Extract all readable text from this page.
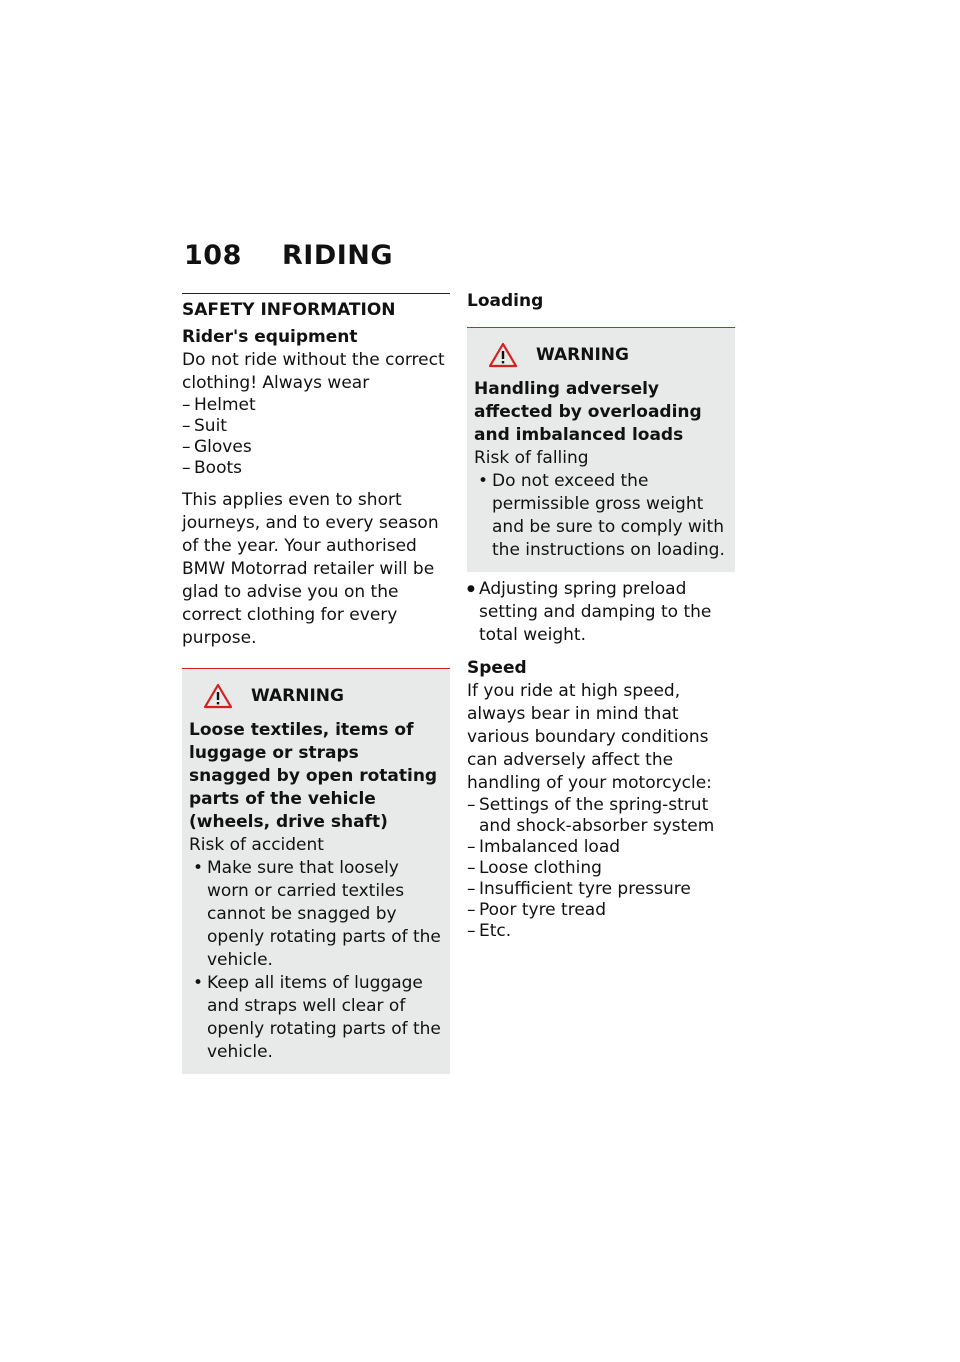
108 RIDING
SAFETY INFORMATION
Rider's equipment

Do not ride without the correct clothing! Always wear

– Helmet
– Suit
– Gloves
– Boots

This applies even to short journeys, and to every season of the year. Your authorised BMW Motorrad retailer will be glad to advise you on the correct clothing for every purpose.

WARNING
Loose textiles, items of luggage or straps snagged by open rotating parts of the vehicle (wheels, drive shaft)

Risk of accident

• Make sure that loosely worn or carried textiles cannot be snagged by openly rotating parts of the vehicle.
• Keep all items of luggage and straps well clear of openly rotating parts of the vehicle.
Loading
WARNING
Handling adversely affected by overloading and imbalanced loads

Risk of falling

• Do not exceed the permissible gross weight and be sure to comply with the instructions on loading.
● Adjusting spring preload setting and damping to the total weight.
Speed

If you ride at high speed, always bear in mind that various boundary conditions can adversely affect the handling of your motorcycle:

– Settings of the spring-strut and shock-absorber system
– Imbalanced load
– Loose clothing
– Insufficient tyre pressure
– Poor tyre tread
– Etc.
